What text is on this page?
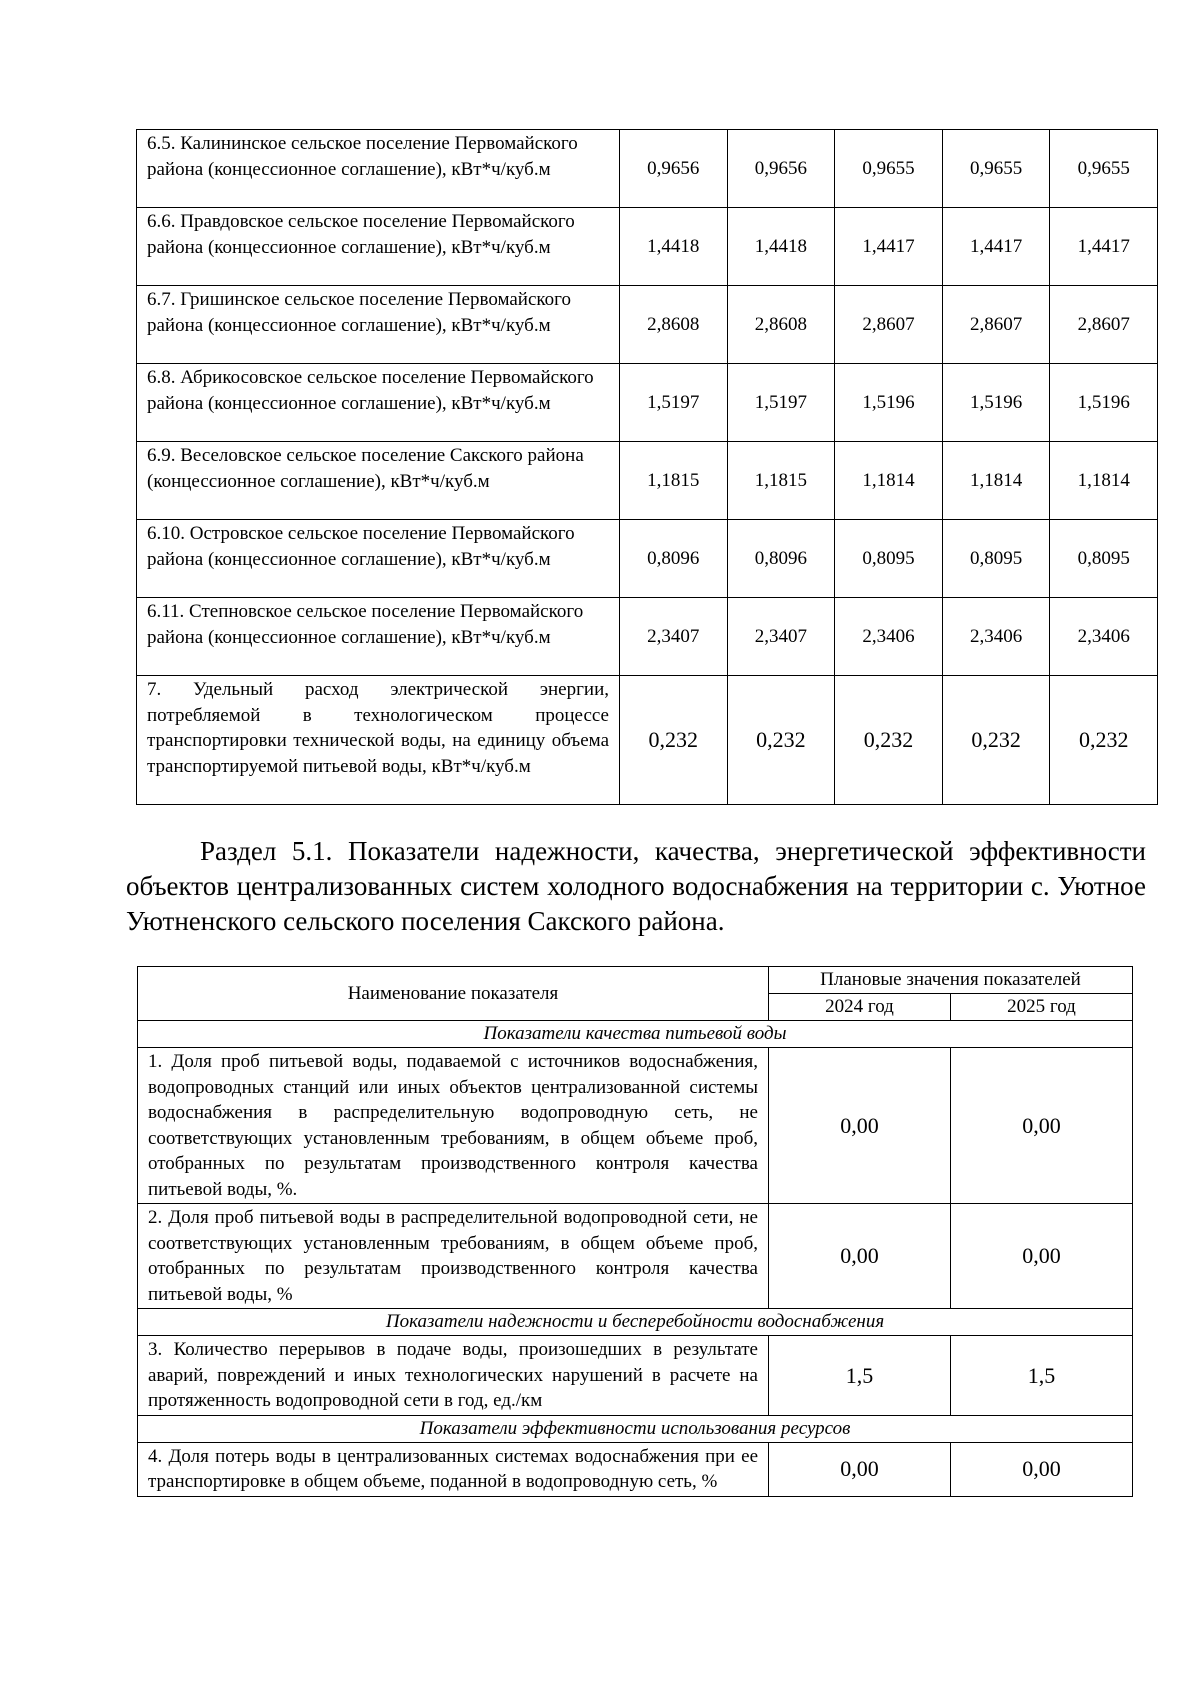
6.5. Калининское сельское поселение Первомайского района (концессионное соглашение), кВт*ч/куб.м	0,9656	0,9656	0,9655	0,9655	0,9655
6.6. Правдовское сельское поселение Первомайского района (концессионное соглашение), кВт*ч/куб.м	1,4418	1,4418	1,4417	1,4417	1,4417
6.7. Гришинское сельское поселение Первомайского района (концессионное соглашение), кВт*ч/куб.м	2,8608	2,8608	2,8607	2,8607	2,8607
6.8. Абрикосовское сельское поселение Первомайского района (концессионное соглашение), кВт*ч/куб.м	1,5197	1,5197	1,5196	1,5196	1,5196
6.9. Веселовское сельское поселение Сакского района (концессионное соглашение), кВт*ч/куб.м	1,1815	1,1815	1,1814	1,1814	1,1814
6.10. Островское сельское поселение Первомайского района (концессионное соглашение), кВт*ч/куб.м	0,8096	0,8096	0,8095	0,8095	0,8095
6.11. Степновское сельское поселение Первомайского района (концессионное соглашение), кВт*ч/куб.м	2,3407	2,3407	2,3406	2,3406	2,3406
7. Удельный расход электрической энергии, потребляемой в технологическом процессе транспортировки технической воды, на единицу объема транспортируемой питьевой воды, кВт*ч/куб.м	0,232	0,232	0,232	0,232	0,232

Раздел 5.1. Показатели надежности, качества, энергетической эффективности объектов централизованных систем холодного водоснабжения на территории с. Уютное Уютненского сельского поселения Сакского района.

Наименование показателя	Плановые значения показателей	
	2024 год	2025 год
Показатели качества питьевой воды		
1. Доля проб питьевой воды, подаваемой с источников водоснабжения, водопроводных станций или иных объектов централизованной системы водоснабжения в распределительную водопроводную сеть, не соответствующих установленным требованиям, в общем объеме проб, отобранных по результатам производственного контроля качества питьевой воды, %.	0,00	0,00
2. Доля проб питьевой воды в распределительной водопроводной сети, не соответствующих установленным требованиям, в общем объеме проб, отобранных по результатам производственного контроля качества питьевой воды, %	0,00	0,00
Показатели надежности и бесперебойности водоснабжения		
3. Количество перерывов в подаче воды, произошедших в результате аварий, повреждений и иных технологических нарушений в расчете на протяженность водопроводной сети в год, ед./км	1,5	1,5
Показатели эффективности использования ресурсов		
4. Доля потерь воды в централизованных системах водоснабжения при ее транспортировке в общем объеме, поданной в водопроводную сеть, %	0,00	0,00
